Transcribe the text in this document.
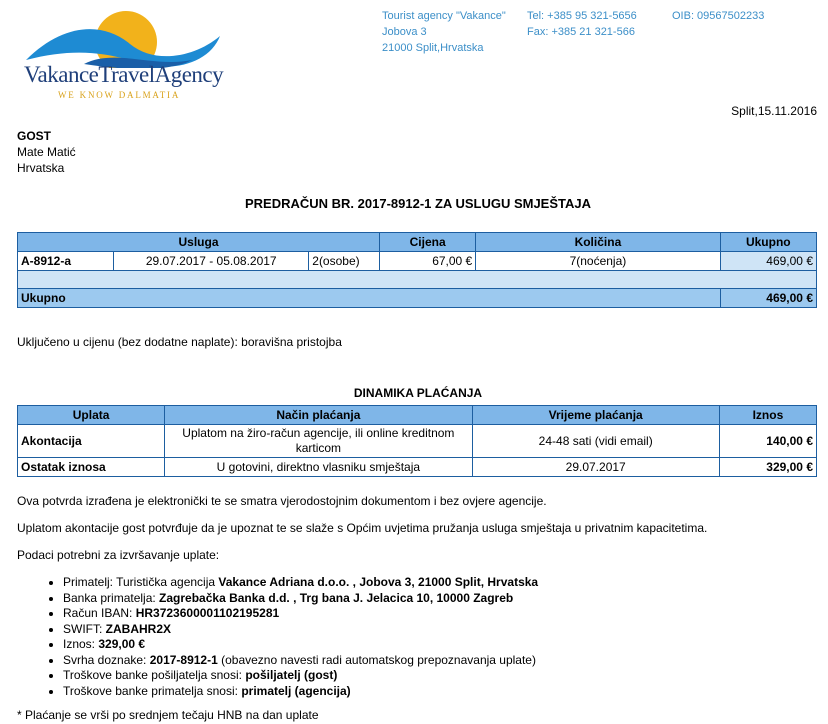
VakanceTravelAgency
WE KNOW DALMATIA
Tourist agency "Vakance"
Jobova 3
21000 Split,Hrvatska
Tel: +385 95 321-5656
Fax: +385 21 321-566
OIB: 09567502233
Split,15.11.2016
GOST
Mate Matić
Hrvatska
PREDRAČUN BR. 2017-8912-1 ZA USLUGU SMJEŠTAJA
Usluga			Cijena	Količina	Ukupno
A-8912-a	29.07.2017 - 05.08.2017	2(osobe)	67,00 €	7(noćenja)	469,00 €

Ukupno					469,00 €
Uključeno u cijenu (bez dodatne naplate): boravišna pristojba
DINAMIKA PLAĆANJA
Uplata	Način plaćanja	Vrijeme plaćanja	Iznos
Akontacija	Uplatom na žiro-račun agencije, ili online kreditnom karticom	24-48 sati (vidi email)	140,00 €
Ostatak iznosa	U gotovini, direktno vlasniku smještaja	29.07.2017	329,00 €
Ova potvrda izrađena je elektronički te se smatra vjerodostojnim dokumentom i bez ovjere agencije.
Uplatom akontacije gost potvrđuje da je upoznat te se slaže s Općim uvjetima pružanja usluga smještaja u privatnim kapacitetima.
Podaci potrebni za izvršavanje uplate:
• Primatelj: Turistička agencija Vakance Adriana d.o.o. , Jobova 3, 21000 Split, Hrvatska
• Banka primatelja: Zagrebačka Banka d.d. , Trg bana J. Jelacica 10, 10000 Zagreb
• Račun IBAN: HR3723600001102195281
• SWIFT: ZABAHR2X
• Iznos: 329,00 €
• Svrha doznake: 2017-8912-1 (obavezno navesti radi automatskog prepoznavanja uplate)
• Troškove banke pošiljatelja snosi: pošiljatelj (gost)
• Troškove banke primatelja snosi: primatelj (agencija)
* Plaćanje se vrši po srednjem tečaju HNB na dan uplate
